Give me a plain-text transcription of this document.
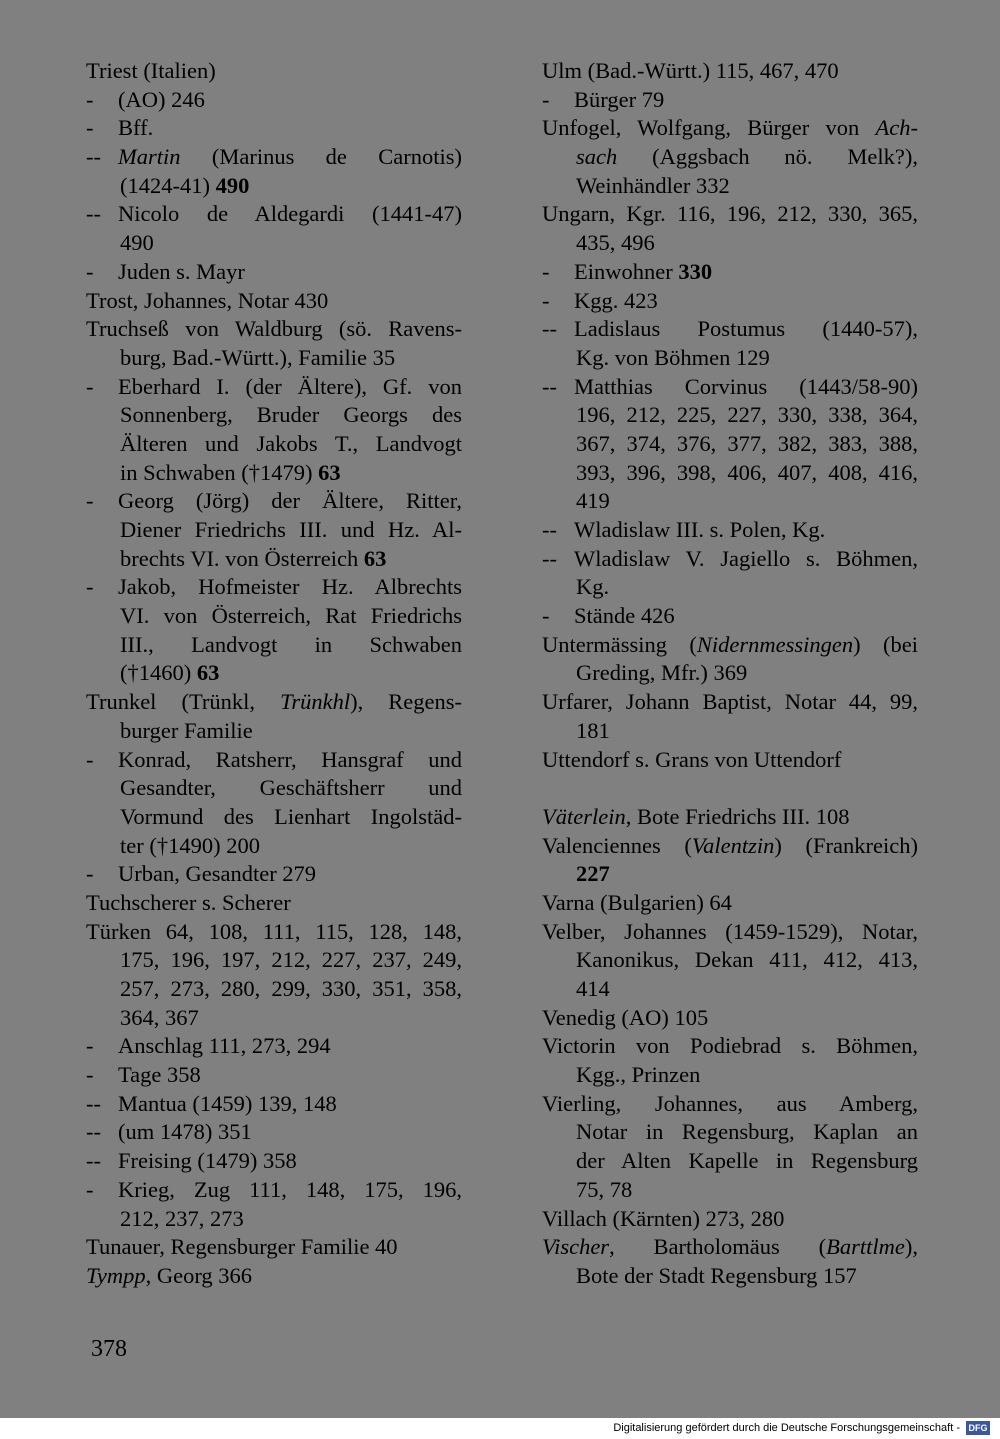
Triest (Italien)
- (AO) 246
- Bff.
-- Martin (Marinus de Carnotis)
(1424-41) 490
-- Nicolo de Aldegardi (1441-47)
490
- Juden s. Mayr
Trost, Johannes, Notar 430
Truchseß von Waldburg (sö. Ravens-
burg, Bad.-Württ.), Familie 35
- Eberhard I. (der Ältere), Gf. von
Sonnenberg, Bruder Georgs des
Älteren und Jakobs T., Landvogt
in Schwaben (†1479) 63
- Georg (Jörg) der Ältere, Ritter,
Diener Friedrichs III. und Hz. Al-
brechts VI. von Österreich 63
- Jakob, Hofmeister Hz. Albrechts
VI. von Österreich, Rat Friedrichs
III., Landvogt in Schwaben
(†1460) 63
Trunkel (Trünkl, Trünkhl), Regens-
burger Familie
- Konrad, Ratsherr, Hansgraf und
Gesandter, Geschäftsherr und
Vormund des Lienhart Ingolstäd-
ter (†1490) 200
- Urban, Gesandter 279
Tuchscherer s. Scherer
Türken 64, 108, 111, 115, 128, 148,
175, 196, 197, 212, 227, 237, 249,
257, 273, 280, 299, 330, 351, 358,
364, 367
- Anschlag 111, 273, 294
- Tage 358
-- Mantua (1459) 139, 148
-- (um 1478) 351
-- Freising (1479) 358
- Krieg, Zug 111, 148, 175, 196,
212, 237, 273
Tunauer, Regensburger Familie 40
Tympp, Georg 366
Ulm (Bad.-Württ.) 115, 467, 470
- Bürger 79
Unfogel, Wolfgang, Bürger von Ach-
sach (Aggsbach nö. Melk?),
Weinhändler 332
Ungarn, Kgr. 116, 196, 212, 330, 365,
435, 496
- Einwohner 330
- Kgg. 423
-- Ladislaus Postumus (1440-57),
Kg. von Böhmen 129
-- Matthias Corvinus (1443/58-90)
196, 212, 225, 227, 330, 338, 364,
367, 374, 376, 377, 382, 383, 388,
393, 396, 398, 406, 407, 408, 416,
419
-- Wladislaw III. s. Polen, Kg.
-- Wladislaw V. Jagiello s. Böhmen,
Kg.
- Stände 426
Untermässing (Nidernmessingen) (bei
Greding, Mfr.) 369
Urfarer, Johann Baptist, Notar 44, 99,
181
Uttendorf s. Grans von Uttendorf
Väterlein, Bote Friedrichs III. 108
Valenciennes (Valentzin) (Frankreich)
227
Varna (Bulgarien) 64
Velber, Johannes (1459-1529), Notar,
Kanonikus, Dekan 411, 412, 413,
414
Venedig (AO) 105
Victorin von Podiebrad s. Böhmen,
Kgg., Prinzen
Vierling, Johannes, aus Amberg,
Notar in Regensburg, Kaplan an
der Alten Kapelle in Regensburg
75, 78
Villach (Kärnten) 273, 280
Vischer, Bartholomäus (Barttlme),
Bote der Stadt Regensburg 157
378
Digitalisierung gefördert durch die Deutsche Forschungsgemeinschaft - DFG
